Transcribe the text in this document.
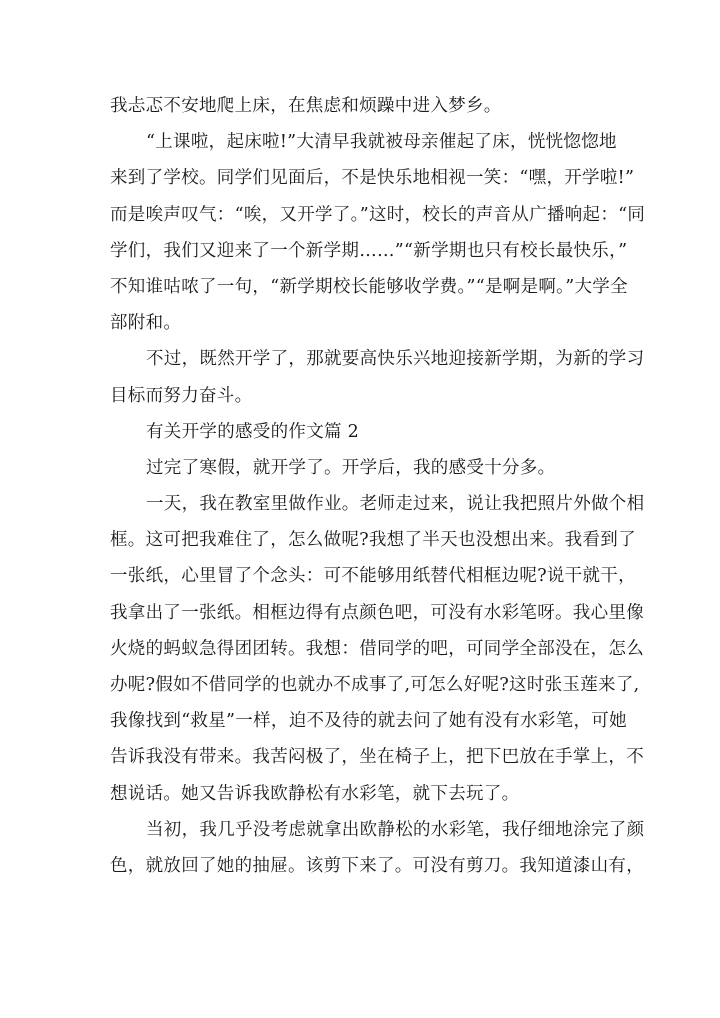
我忐忑不安地爬上床，在焦虑和烦躁中进入梦乡。
“上课啦，起床啦!”大清早我就被母亲催起了床，恍恍惚惚地
来到了学校。同学们见面后，不是快乐地相视一笑：“嘿，开学啦!”
而是唉声叹气：“唉，又开学了。”这时，校长的声音从广播响起：“同
学们，我们又迎来了一个新学期……”“新学期也只有校长最快乐，”
不知谁咕哝了一句，“新学期校长能够收学费。”“是啊是啊。”大学全
部附和。
不过，既然开学了，那就要高快乐兴地迎接新学期，为新的学习
目标而努力奋斗。
有关开学的感受的作文篇 2
过完了寒假，就开学了。开学后，我的感受十分多。
一天，我在教室里做作业。老师走过来，说让我把照片外做个相
框。这可把我难住了，怎么做呢?我想了半天也没想出来。我看到了
一张纸，心里冒了个念头：可不能够用纸替代相框边呢?说干就干，
我拿出了一张纸。相框边得有点颜色吧，可没有水彩笔呀。我心里像
火烧的蚂蚁急得团团转。我想：借同学的吧，可同学全部没在，怎么
办呢?假如不借同学的也就办不成事了,可怎么好呢?这时张玉莲来了,
我像找到“救星”一样，迫不及待的就去问了她有没有水彩笔，可她
告诉我没有带来。我苦闷极了，坐在椅子上，把下巴放在手掌上，不
想说话。她又告诉我欧静松有水彩笔，就下去玩了。
当初，我几乎没考虑就拿出欧静松的水彩笔，我仔细地涂完了颜
色，就放回了她的抽屉。该剪下来了。可没有剪刀。我知道漆山有，
